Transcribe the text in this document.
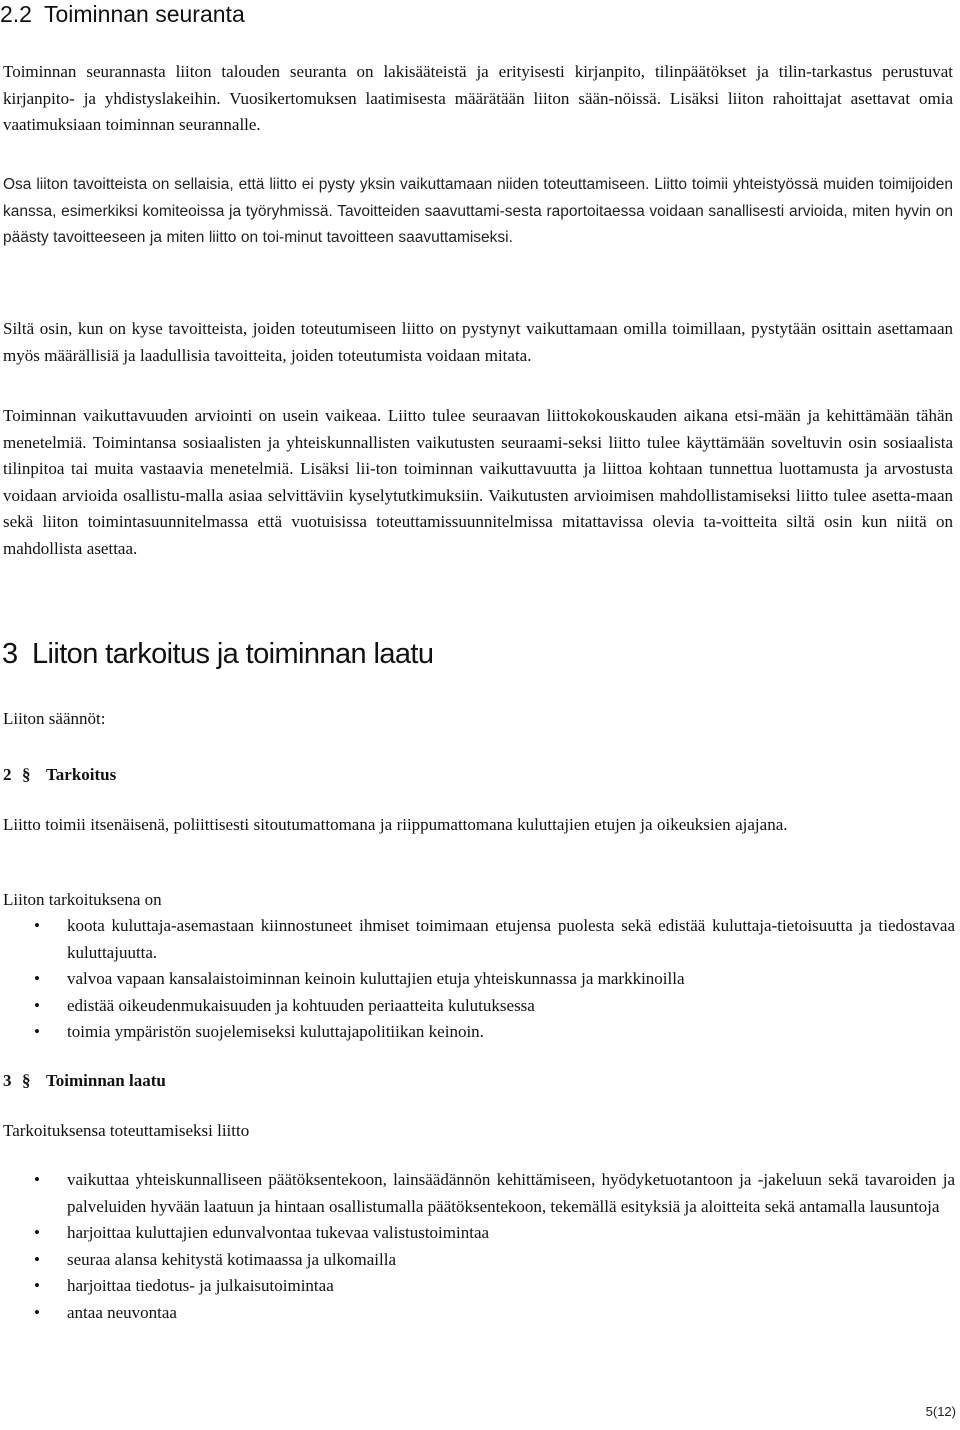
2.2 Toiminnan seuranta

Toiminnan seurannasta liiton talouden seuranta on lakisääteistä ja erityisesti kirjanpito, tilinpäätökset ja tilin-tarkastus perustuvat kirjanpito- ja yhdistyslakeihin. Vuosikertomuksen laatimisesta määrätään liiton sään-nöissä. Lisäksi liiton rahoittajat asettavat omia vaatimuksiaan toiminnan seurannalle.

Osa liiton tavoitteista on sellaisia, että liitto ei pysty yksin vaikuttamaan niiden toteuttamiseen. Liitto toimii yhteistyössä muiden toimijoiden kanssa, esimerkiksi komiteoissa ja työryhmissä. Tavoitteiden saavuttami-sesta raportoitaessa voidaan sanallisesti arvioida, miten hyvin on päästy tavoitteeseen ja miten liitto on toi-minut tavoitteen saavuttamiseksi.

Siltä osin, kun on kyse tavoitteista, joiden toteutumiseen liitto on pystynyt vaikuttamaan omilla toimillaan, pystytään osittain asettamaan myös määrällisiä ja laadullisia tavoitteita, joiden toteutumista voidaan mitata.

Toiminnan vaikuttavuuden arviointi on usein vaikeaa. Liitto tulee seuraavan liittokokouskauden aikana etsi-mään ja kehittämään tähän menetelmiä. Toimintansa sosiaalisten ja yhteiskunnallisten vaikutusten seuraami-seksi liitto tulee käyttämään soveltuvin osin sosiaalista tilinpitoa tai muita vastaavia menetelmiä. Lisäksi lii-ton toiminnan vaikuttavuutta ja liittoa kohtaan tunnettua luottamusta ja arvostusta voidaan arvioida osallistu-malla asiaa selvittäviin kyselytutkimuksiin. Vaikutusten arvioimisen mahdollistamiseksi liitto tulee asetta-maan sekä liiton toimintasuunnitelmassa että vuotuisissa toteuttamissuunnitelmissa mitattavissa olevia ta-voitteita siltä osin kun niitä on mahdollista asettaa.

3 Liiton tarkoitus ja toiminnan laatu
Liiton säännöt:
2 § Tarkoitus

Liitto toimii itsenäisenä, poliittisesti sitoutumattomana ja riippumattomana kuluttajien etujen ja oikeuksien ajajana.

Liiton tarkoituksena on
• koota kuluttaja-asemastaan kiinnostuneet ihmiset toimimaan etujensa puolesta sekä edistää kuluttaja-tietoisuutta ja tiedostavaa kuluttajuutta.
• valvoa vapaan kansalaistoiminnan keinoin kuluttajien etuja yhteiskunnassa ja markkinoilla
• edistää oikeudenmukaisuuden ja kohtuuden periaatteita kulutuksessa
• toimia ympäristön suojelemiseksi kuluttajapolitiikan keinoin.
3 § Toiminnan laatu
Tarkoituksensa toteuttamiseksi liitto
• vaikuttaa yhteiskunnalliseen päätöksentekoon, lainsäädännön kehittämiseen, hyödyketuotantoon ja -jakeluun sekä tavaroiden ja palveluiden hyvään laatuun ja hintaan osallistumalla päätöksentekoon, tekemällä esityksiä ja aloitteita sekä antamalla lausuntoja
• harjoittaa kuluttajien edunvalvontaa tukevaa valistustoimintaa
• seuraa alansa kehitystä kotimaassa ja ulkomailla
• harjoittaa tiedotus- ja julkaisutoimintaa
• antaa neuvontaa
5(12)
